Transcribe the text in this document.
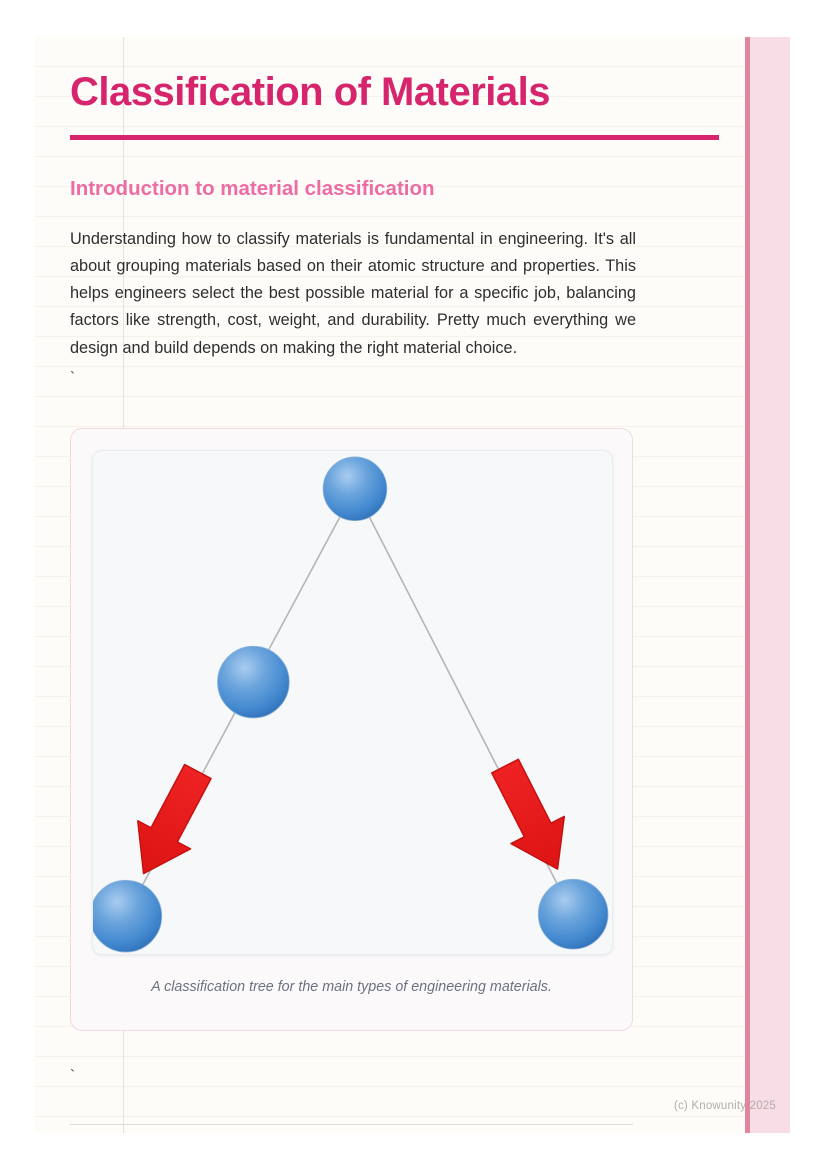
Classification of Materials
Introduction to material classification

Understanding how to classify materials is fundamental in engineering. It's all about grouping materials based on their atomic structure and properties. This helps engineers select the best possible material for a specific job, balancing factors like strength, cost, weight, and durability. Pretty much everything we design and build depends on making the right material choice.

`
A classification tree for the main types of engineering materials.
`
(c) Knowunity 2025
